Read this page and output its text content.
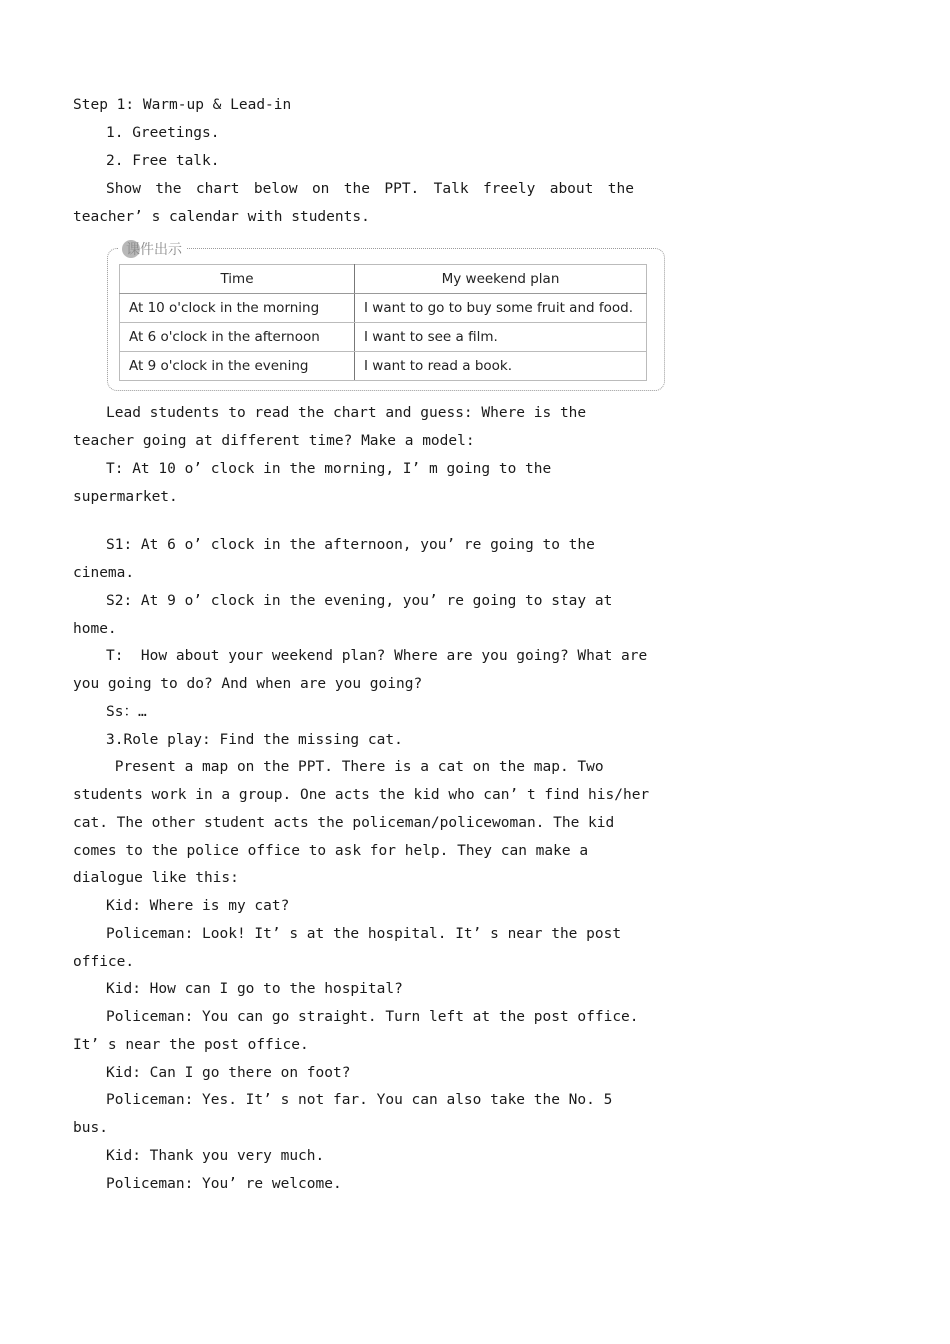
Step 1: Warm-up & Lead-in
1. Greetings.
2. Free talk.
Show the chart below on the PPT. Talk freely about the
teacher’ s calendar with students.
课件出示
Time	My weekend plan
At 10 o'clock in the morning	I want to go to buy some fruit and food.
At 6 o'clock in the afternoon	I want to see a film.
At 9 o'clock in the evening	I want to read a book.
Lead students to read the chart and guess: Where is the
teacher going at different time? Make a model:
T: At 10 o’ clock in the morning, I’ m going to the
supermarket.
S1: At 6 o’ clock in the afternoon, you’ re going to the
cinema.
S2: At 9 o’ clock in the evening, you’ re going to stay at
home.
T:  How about your weekend plan? Where are you going? What are
you going to do? And when are you going?
Ss：…
3.Role play: Find the missing cat.
Present a map on the PPT. There is a cat on the map. Two
students work in a group. One acts the kid who can’ t find his/her
cat. The other student acts the policeman/policewoman. The kid
comes to the police office to ask for help. They can make a
dialogue like this:
Kid: Where is my cat?
Policeman: Look! It’ s at the hospital. It’ s near the post
office.
Kid: How can I go to the hospital?
Policeman: You can go straight. Turn left at the post office.
It’ s near the post office.
Kid: Can I go there on foot?
Policeman: Yes. It’ s not far. You can also take the No. 5
bus.
Kid: Thank you very much.
Policeman: You’ re welcome.
